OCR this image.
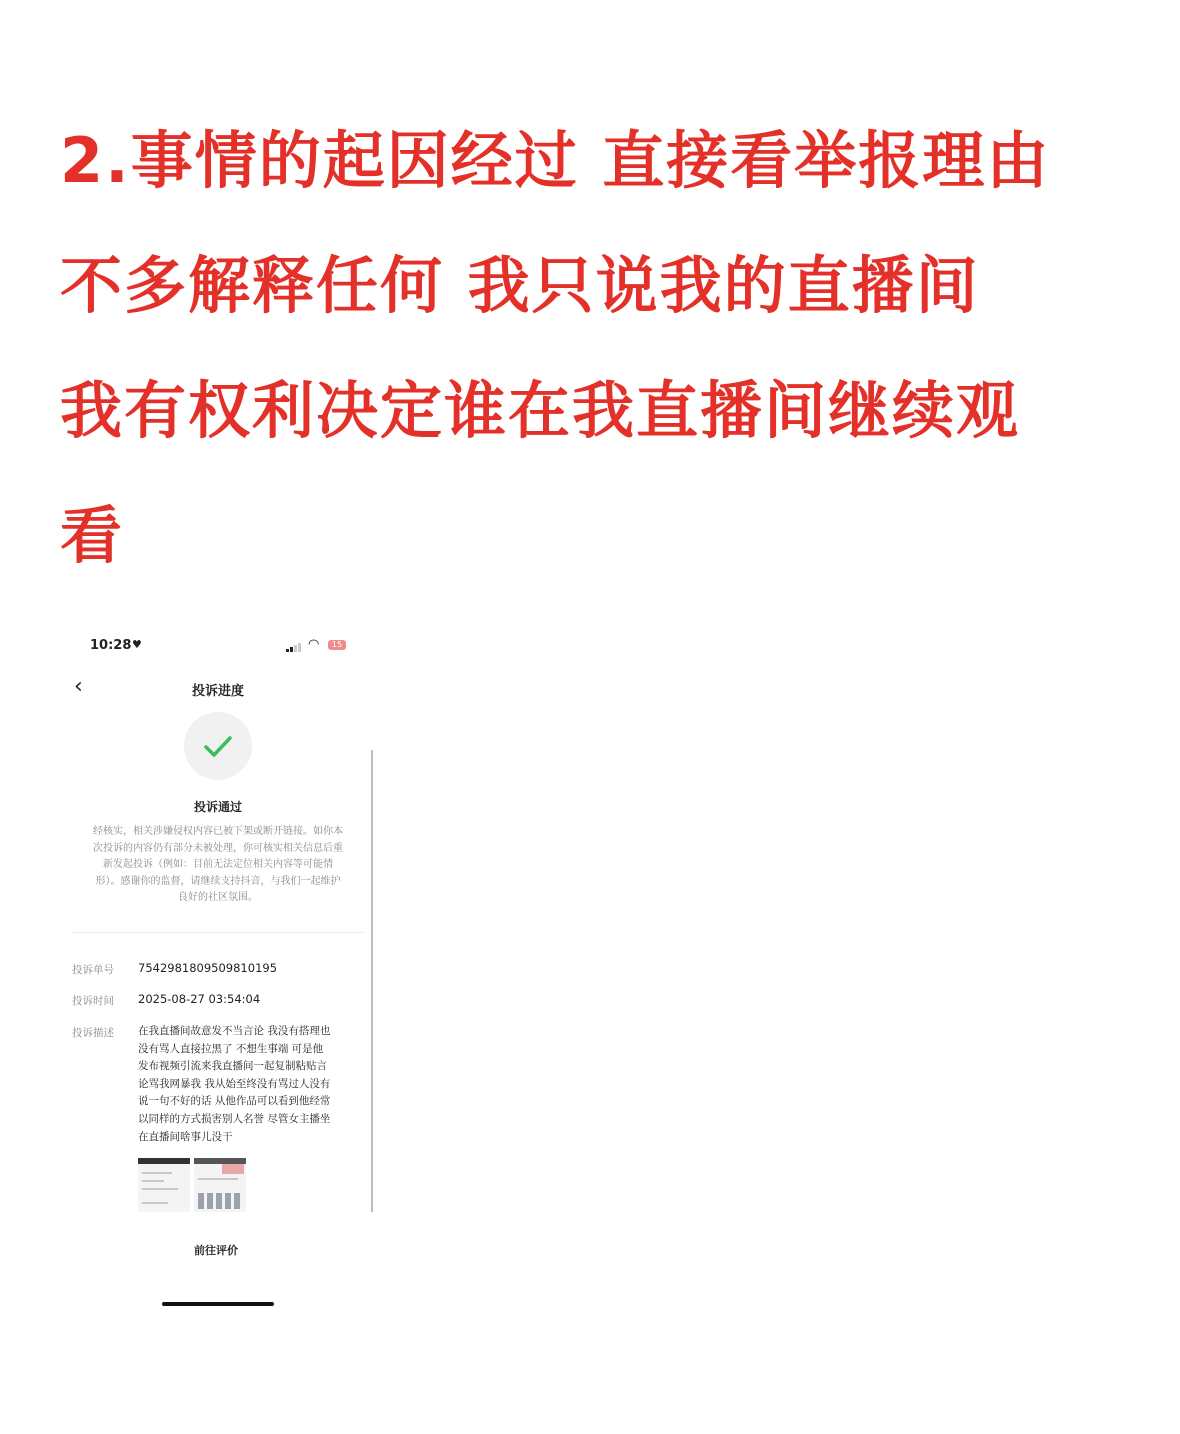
2.事情的起因经过 直接看举报理由
不多解释任何 我只说我的直播间
我有权利决定谁在我直播间继续观
看
10:28 ♥	◠	15
‹	投诉进度
投诉通过
经核实，相关涉嫌侵权内容已被下架或断开链接。如你本
次投诉的内容仍有部分未被处理，你可核实相关信息后重
新发起投诉（例如：目前无法定位相关内容等可能情
形）。感谢你的监督，请继续支持抖音，与我们一起维护
良好的社区氛围。
投诉单号 7542981809509810195
投诉时间 2025-08-27 03:54:04
投诉描述 在我直播间故意发不当言论 我没有搭理也
没有骂人直接拉黑了 不想生事端 可是他
发布视频引流来我直播间一起复制粘贴言
论骂我网暴我 我从始至终没有骂过人没有
说一句不好的话 从他作品可以看到他经常
以同样的方式损害别人名誉 尽管女主播坐
在直播间啥事儿没干
前往评价
